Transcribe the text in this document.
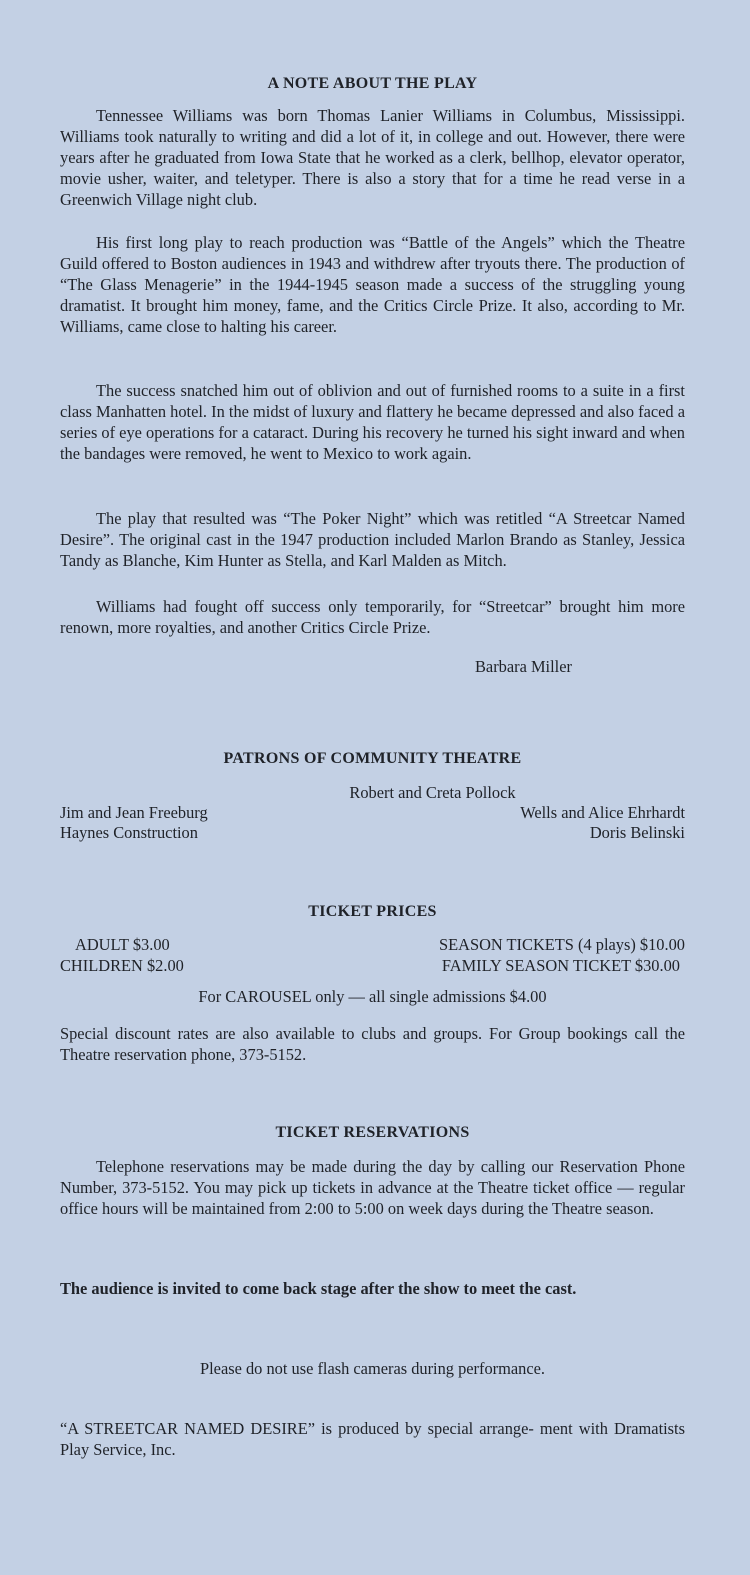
A NOTE ABOUT THE PLAY

Tennessee Williams was born Thomas Lanier Williams in Columbus, Mississippi. Williams took naturally to writing and did a lot of it, in college and out. However, there were years after he graduated from Iowa State that he worked as a clerk, bellhop, elevator operator, movie usher, waiter, and teletyper. There is also a story that for a time he read verse in a Greenwich Village night club.

His first long play to reach production was “Battle of the Angels” which the Theatre Guild offered to Boston audiences in 1943 and withdrew after tryouts there. The production of “The Glass Menagerie” in the 1944-1945 season made a success of the struggling young dramatist. It brought him money, fame, and the Critics Circle Prize. It also, according to Mr. Williams, came close to halting his career.

The success snatched him out of oblivion and out of furnished rooms to a suite in a first class Manhatten hotel. In the midst of luxury and flattery he became depressed and also faced a series of eye operations for a cataract. During his recovery he turned his sight inward and when the bandages were removed, he went to Mexico to work again.

The play that resulted was “The Poker Night” which was retitled “A Streetcar Named Desire”. The original cast in the 1947 production included Marlon Brando as Stanley, Jessica Tandy as Blanche, Kim Hunter as Stella, and Karl Malden as Mitch.

Williams had fought off success only temporarily, for “Streetcar” brought him more renown, more royalties, and another Critics Circle Prize.

Barbara Miller

PATRONS OF COMMUNITY THEATRE

Robert and Creta Pollock

Jim and Jean Freeburg	Wells and Alice Ehrhardt

Haynes Construction	Doris Belinski

TICKET PRICES

ADULT $3.00

CHILDREN $2.00

SEASON TICKETS (4 plays) $10.00

FAMILY SEASON TICKET $30.00

For CAROUSEL only — all single admissions $4.00

Special discount rates are also available to clubs and groups. For Group bookings call the Theatre reservation phone, 373-5152.

TICKET RESERVATIONS

Telephone reservations may be made during the day by calling our Reservation Phone Number, 373-5152. You may pick up tickets in advance at the Theatre ticket office — regular office hours will be maintained from 2:00 to 5:00 on week days during the Theatre season.

The audience is invited to come back stage after the show to meet the cast.

Please do not use flash cameras during performance.

“A STREETCAR NAMED DESIRE” is produced by special arrange- ment with Dramatists Play Service, Inc.
